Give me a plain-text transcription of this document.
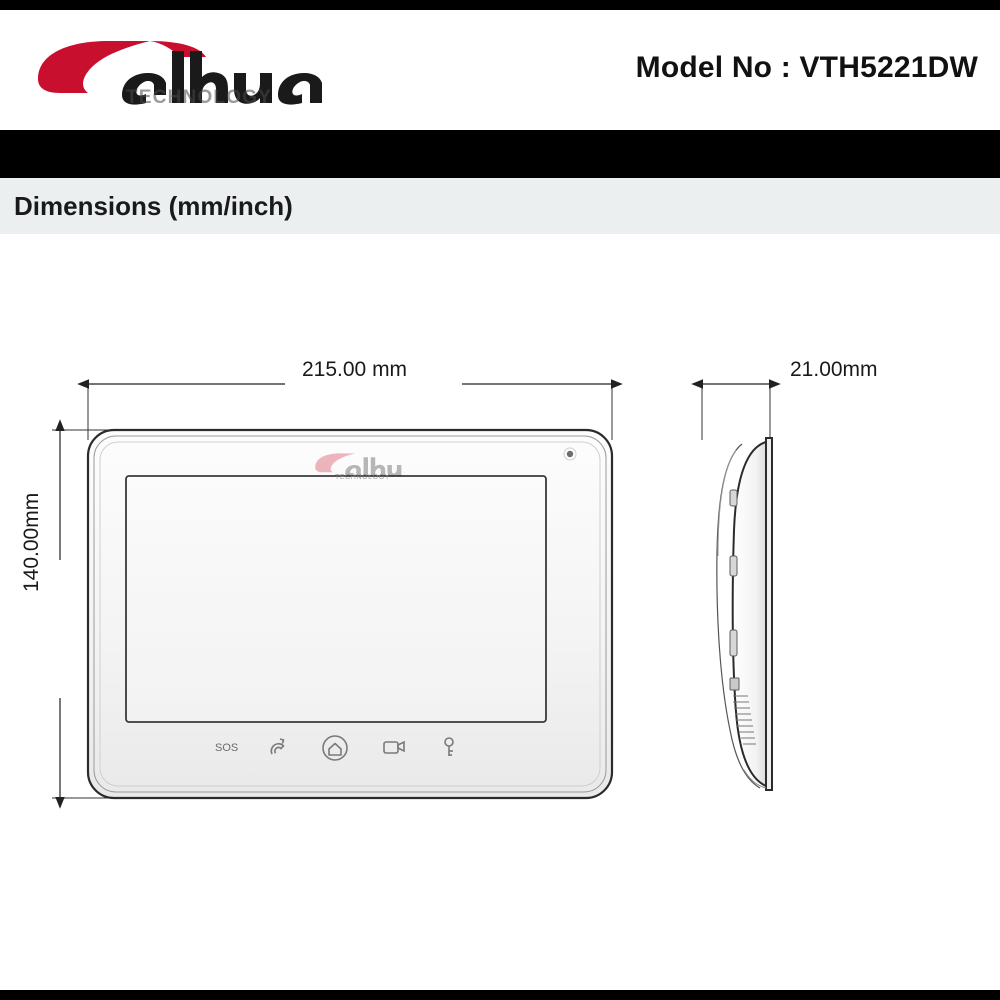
TECHNOLOGY
Model No : VTH5221DW
Dimensions (mm/inch)
TECHNOLOGY
215.00 mm
140.00mm
21.00mm
SOS
